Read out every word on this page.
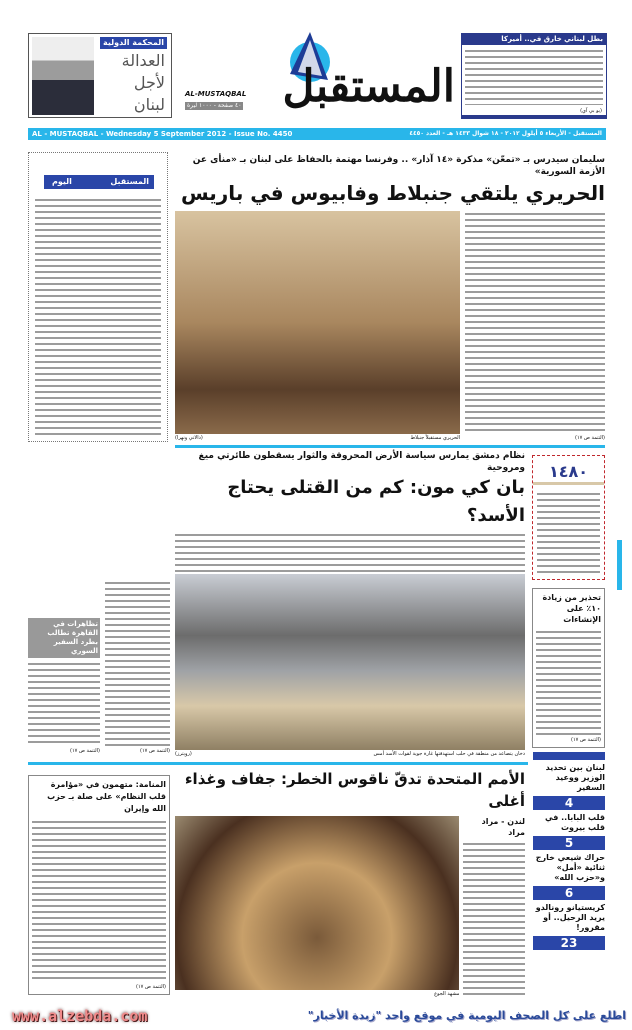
المحكمة الدولية
العدالة
لأجل
لبنان	المستقبل
AL-MUSTAQBAL
٤٠ صفحة - ١٠٠٠ ليرة
بطل لبناني خارق في.. أميركا
(يو بي آي)
AL - MUSTAQBAL - Wednesday 5 September 2012 - Issue No. 4450	المستقبل - الأربعاء ٥ أيلول ٢٠١٢ - ١٨ شوال ١٤٣٣ هـ - العدد ٤٤٥٠
المستقبل
اليوم
سليمان سيدرس بـ «تمعّن» مذكرة «١٤ آذار» .. وفرنسا مهتمة بالحفاظ على لبنان بـ «منأى عن الأزمة السورية»
الحريري يلتقي جنبلاط وفابيوس في باريس
(دالاتي ونهرا)	الحريري مستقبلاً جنبلاط	(التتمة ص ١٧)
نظام دمشق يمارس سياسة الأرض المحروقة والثوار يسقطون طائرتي ميغ ومروحية
بان كي مون: كم من القتلى يحتاج الأسد؟
(رويترز)	دخان يتصاعد من منطقة في حلب استهدفتها غارة جوية لقوات الأسد أمس
(التتمة ص ١٧)
تظاهرات في القاهرة تطالب بطرد السفير السوري
(التتمة ص ١٧)
١٤٨٠
تحذير من زيادة ١٠٪ على الإنشاءات
(التتمة ص ١٧)
لبنان بين تحديد الوزير ووعيد السفير
4
قلب البابا.. في قلب بيروت
5
حراك شيعي خارج ثنائية «أمل» و«حزب الله»
6
كريستيانو رونالدو يريد الرحيل.. أو مقرور!
23
الأمم المتحدة تدقّ ناقوس الخطر: جفاف وغذاء أغلى
مشهد الجوع
لندن - مراد مراد
المنامة: متهمون في «مؤامرة قلب النظام» على صلة بـ حزب الله وإيران
(التتمة ص ١٧)
www.alzebda.com	اطلع على كل الصحف اليومية في موقع واحد "زبدة الأخبار"
